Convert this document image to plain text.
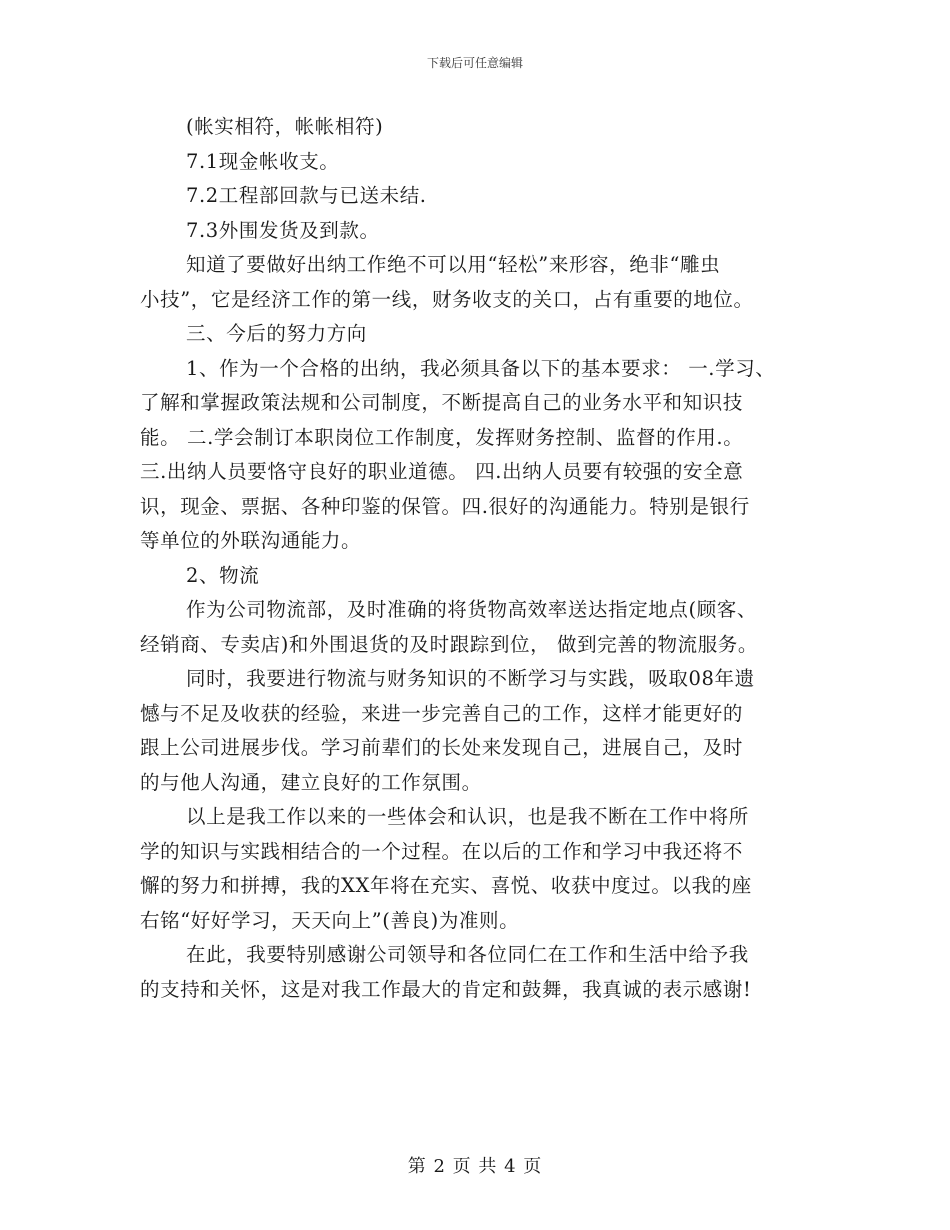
下载后可任意编辑

(帐实相符，帐帐相符)

7.1现金帐收支。

7.2工程部回款与已送未结.

7.3外围发货及到款。

知道了要做好出纳工作绝不可以用“轻松”来形容，绝非“雕虫

小技”，它是经济工作的第一线，财务收支的关口，占有重要的地位。

三、今后的努力方向

1、作为一个合格的出纳，我必须具备以下的基本要求： 一.学习、

了解和掌握政策法规和公司制度，不断提高自己的业务水平和知识技

能。 二.学会制订本职岗位工作制度，发挥财务控制、监督的作用.。

三.出纳人员要恪守良好的职业道德。 四.出纳人员要有较强的安全意

识，现金、票据、各种印鉴的保管。四.很好的沟通能力。特别是银行

等单位的外联沟通能力。

2、物流

作为公司物流部，及时准确的将货物高效率送达指定地点(顾客、

经销商、专卖店)和外围退货的及时跟踪到位， 做到完善的物流服务。

同时，我要进行物流与财务知识的不断学习与实践，吸取08年遗

憾与不足及收获的经验，来进一步完善自己的工作，这样才能更好的

跟上公司进展步伐。学习前辈们的长处来发现自己，进展自己，及时

的与他人沟通，建立良好的工作氛围。

以上是我工作以来的一些体会和认识，也是我不断在工作中将所

学的知识与实践相结合的一个过程。在以后的工作和学习中我还将不

懈的努力和拼搏，我的XX年将在充实、喜悦、收获中度过。以我的座

右铭“好好学习，天天向上”(善良)为准则。

在此，我要特别感谢公司领导和各位同仁在工作和生活中给予我

的支持和关怀，这是对我工作最大的肯定和鼓舞，我真诚的表示感谢!

第 2 页 共 4 页
